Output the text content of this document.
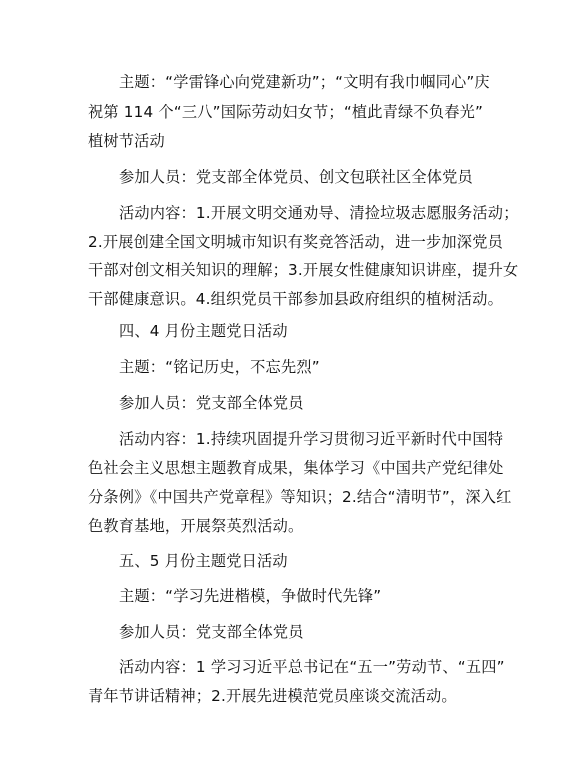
主题：“学雷锋心向党建新功”；“文明有我巾帼同心”庆
祝第 114 个“三八”国际劳动妇女节；“植此青绿不负春光”
植树节活动
参加人员：党支部全体党员、创文包联社区全体党员
活动内容：1.开展文明交通劝导、清捡垃圾志愿服务活动；
2.开展创建全国文明城市知识有奖竞答活动，进一步加深党员
干部对创文相关知识的理解；3.开展女性健康知识讲座，提升女
干部健康意识。4.组织党员干部参加县政府组织的植树活动。
四、4 月份主题党日活动
主题：“铭记历史，不忘先烈”
参加人员：党支部全体党员
活动内容：1.持续巩固提升学习贯彻习近平新时代中国特
色社会主义思想主题教育成果，集体学习《中国共产党纪律处
分条例》《中国共产党章程》等知识；2.结合“清明节”，深入红
色教育基地，开展祭英烈活动。
五、5 月份主题党日活动
主题：“学习先进楷模，争做时代先锋”
参加人员：党支部全体党员
活动内容：1 学习习近平总书记在“五一”劳动节、“五四”
青年节讲话精神；2.开展先进模范党员座谈交流活动。
